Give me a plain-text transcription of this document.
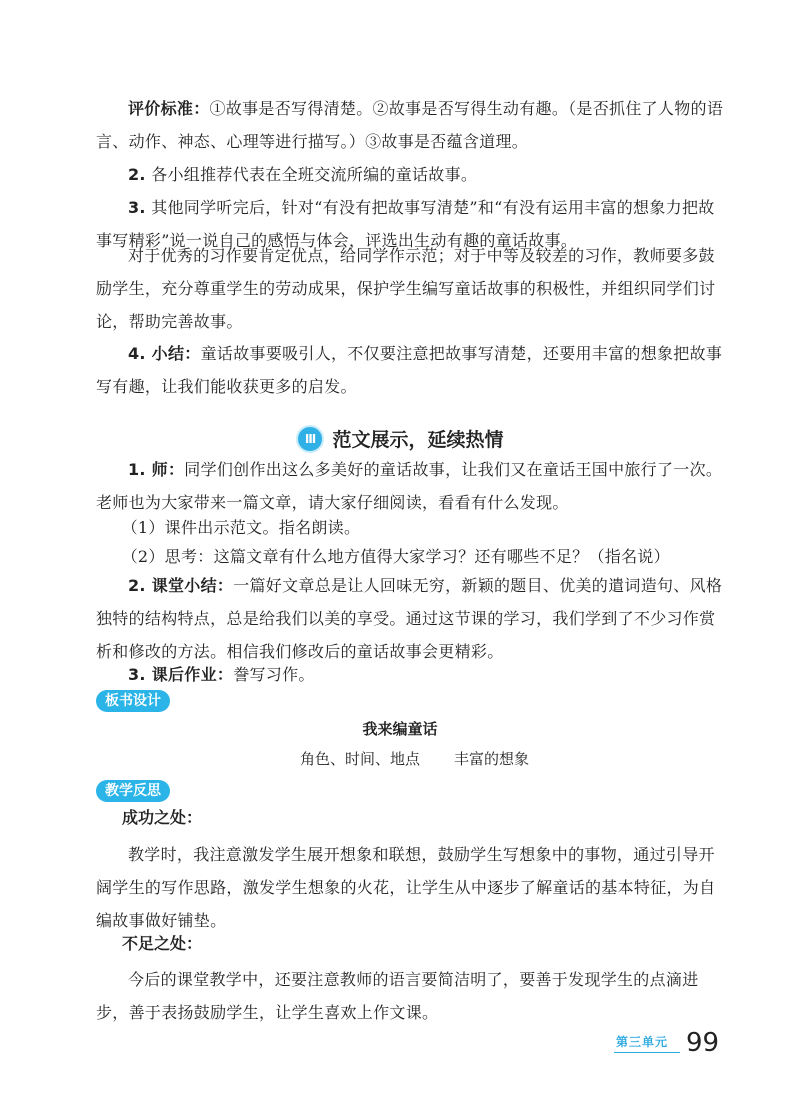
评价标准：①故事是否写得清楚。②故事是否写得生动有趣。（是否抓住了人物的语言、动作、神态、心理等进行描写。）③故事是否蕴含道理。

2. 各小组推荐代表在全班交流所编的童话故事。

3. 其他同学听完后，针对“有没有把故事写清楚”和“有没有运用丰富的想象力把故事写精彩”说一说自己的感悟与体会，评选出生动有趣的童话故事。

对于优秀的习作要肯定优点，给同学作示范；对于中等及较差的习作，教师要多鼓励学生，充分尊重学生的劳动成果，保护学生编写童话故事的积极性，并组织同学们讨论，帮助完善故事。

4. 小结：童话故事要吸引人，不仅要注意把故事写清楚，还要用丰富的想象把故事写有趣，让我们能收获更多的启发。

Ⅲ 范文展示，延续热情

1. 师：同学们创作出这么多美好的童话故事，让我们又在童话王国中旅行了一次。老师也为大家带来一篇文章，请大家仔细阅读，看看有什么发现。

（1）课件出示范文。指名朗读。

（2）思考：这篇文章有什么地方值得大家学习？还有哪些不足？（指名说）

2. 课堂小结：一篇好文章总是让人回味无穷，新颖的题目、优美的遣词造句、风格独特的结构特点，总是给我们以美的享受。通过这节课的学习，我们学到了不少习作赏析和修改的方法。相信我们修改后的童话故事会更精彩。

3. 课后作业：誊写习作。

板书设计
我来编童话
角色、时间、地点 丰富的想象
教学反思
成功之处：

教学时，我注意激发学生展开想象和联想，鼓励学生写想象中的事物，通过引导开阔学生的写作思路，激发学生想象的火花，让学生从中逐步了解童话的基本特征，为自编故事做好铺垫。

不足之处：

今后的课堂教学中，还要注意教师的语言要简洁明了，要善于发现学生的点滴进步，善于表扬鼓励学生，让学生喜欢上作文课。

第三单元 99
